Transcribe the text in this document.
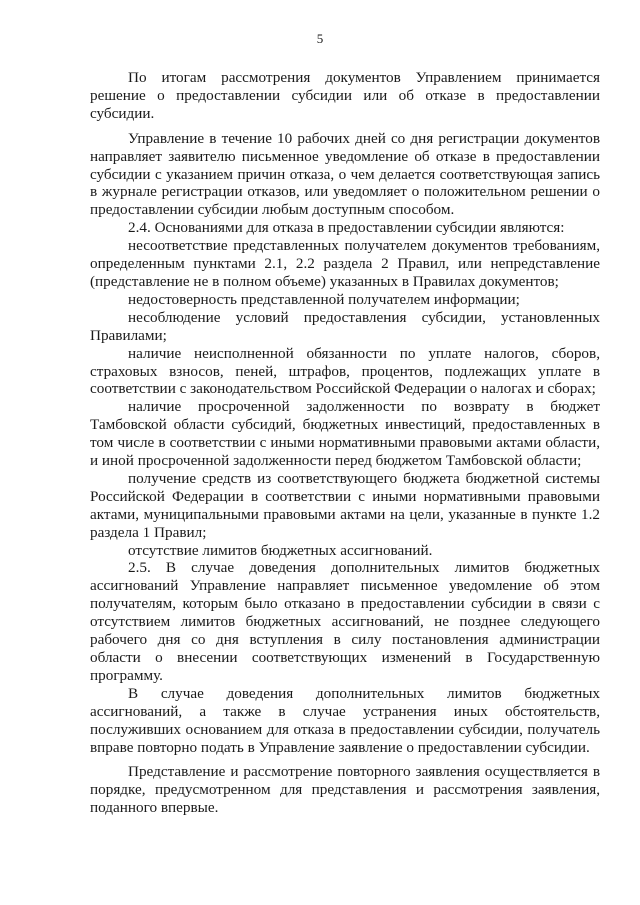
5

По итогам рассмотрения документов Управлением принимается решение о предоставлении субсидии или об отказе в предоставлении субсидии.

Управление в течение 10 рабочих дней со дня регистрации документов направляет заявителю письменное уведомление об отказе в предоставлении субсидии с указанием причин отказа, о чем делается соответствующая запись в журнале регистрации отказов, или уведомляет о положительном решении о предоставлении субсидии любым доступным способом.

2.4. Основаниями для отказа в предоставлении субсидии являются:

несоответствие представленных получателем документов требованиям, определенным пунктами 2.1, 2.2 раздела 2 Правил, или непредставление (представление не в полном объеме) указанных в Правилах документов;

недостоверность представленной получателем информации;

несоблюдение условий предоставления субсидии, установленных Правилами;

наличие неисполненной обязанности по уплате налогов, сборов, страховых взносов, пеней, штрафов, процентов, подлежащих уплате в соответствии с законодательством Российской Федерации о налогах и сборах;

наличие просроченной задолженности по возврату в бюджет Тамбовской области субсидий, бюджетных инвестиций, предоставленных в том числе в соответствии с иными нормативными правовыми актами области, и иной просроченной задолженности перед бюджетом Тамбовской области;

получение средств из соответствующего бюджета бюджетной системы Российской Федерации в соответствии с иными нормативными правовыми актами, муниципальными правовыми актами на цели, указанные в пункте 1.2 раздела 1 Правил;

отсутствие лимитов бюджетных ассигнований.

2.5. В случае доведения дополнительных лимитов бюджетных ассигнований Управление направляет письменное уведомление об этом получателям, которым было отказано в предоставлении субсидии в связи с отсутствием лимитов бюджетных ассигнований, не позднее следующего рабочего дня со дня вступления в силу постановления администрации области о внесении соответствующих изменений в Государственную программу.

В случае доведения дополнительных лимитов бюджетных ассигнований, а также в случае устранения иных обстоятельств, послуживших основанием для отказа в предоставлении субсидии, получатель вправе повторно подать в Управление заявление о предоставлении субсидии.

Представление и рассмотрение повторного заявления осуществляется в порядке, предусмотренном для представления и рассмотрения заявления, поданного впервые.
